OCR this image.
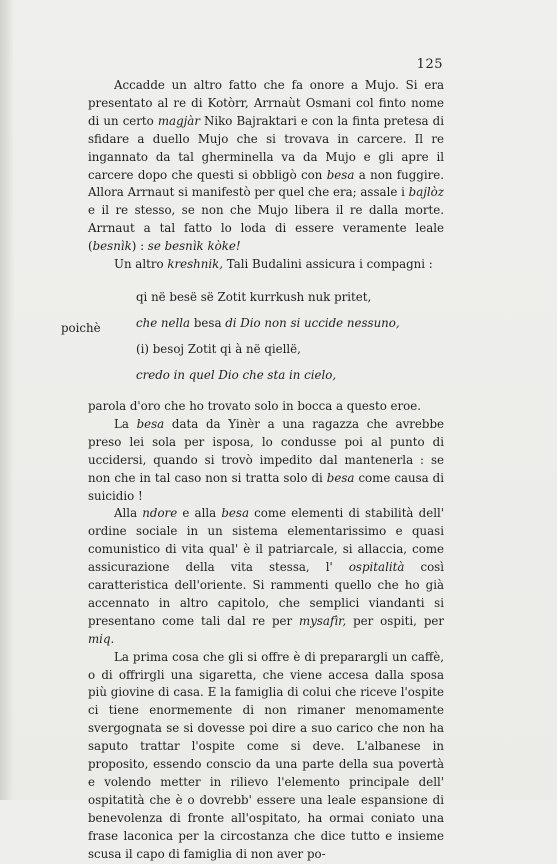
125

Accadde un altro fatto che fa onore a Mujo. Si era presentato al re di Kotòrr, Arrnaùt Osmani col finto nome di un certo magjàr Niko Bajraktari e con la finta pretesa di sfidare a duello Mujo che si trovava in carcere. Il re ingannato da tal gherminella va da Mujo e gli apre il carcere dopo che questi si obbligò con besa a non fuggire. Allora Arrnaut si manifestò per quel che era; assale i bajlòz e il re stesso, se non che Mujo libera il re dalla morte. Arrnaut a tal fatto lo loda di essere veramente leale (besnìk) : se besnìk kòke!

Un altro kreshnik, Tali Budalini assicura i compagni :

qi në besë së Zotit kurrkush nuk pritet,
che nella besa di Dio non si uccide nessuno,
poichè
(i) besoj Zotit qi à në qiellë,
credo in quel Dio che sta in cielo,

parola d'oro che ho trovato solo in bocca a questo eroe.

La besa data da Yinèr a una ragazza che avrebbe preso lei sola per isposa, lo condusse poi al punto di uccidersi, quando si trovò impedito dal mantenerla : se non che in tal caso non si tratta solo di besa come causa di suicidio !

Alla ndore e alla besa come elementi di stabilità dell' ordine sociale in un sistema elementarissimo e quasi comunistico di vita qual' è il patriarcale, si allaccia, come assicurazione della vita stessa, l' ospitalità così caratteristica dell'oriente. Si rammenti quello che ho già accennato in altro capitolo, che semplici viandanti si presentano come tali dal re per mysafìr, per ospiti, per miq.

La prima cosa che gli si offre è di preparargli un caffè, o di offrirgli una sigaretta, che viene accesa dalla sposa più giovine di casa. E la famiglia di colui che riceve l'ospite ci tiene enormemente di non rimaner menomamente svergognata se si dovesse poi dire a suo carico che non ha saputo trattar l'ospite come si deve. L'albanese in proposito, essendo conscio da una parte della sua povertà e volendo metter in rilievo l'elemento principale dell' ospitatità che è o dovrebb' essere una leale espansione di benevolenza di fronte all'ospitato, ha ormai coniato una frase laconica per la circostanza che dice tutto e insieme scusa il capo di famiglia di non aver po-
